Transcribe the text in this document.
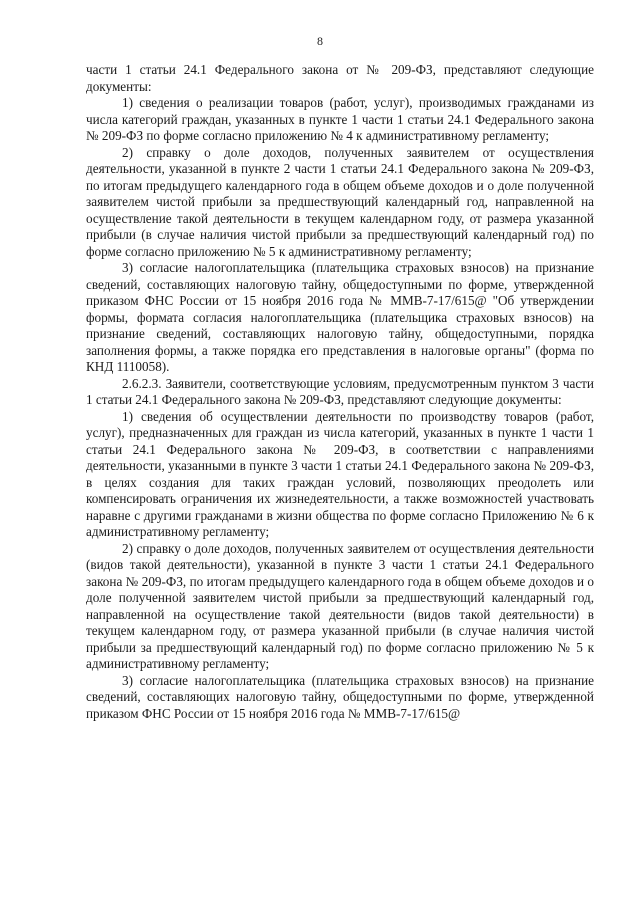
8

части 1 статьи 24.1 Федерального закона от № 209-ФЗ, представляют следующие документы:

1) сведения о реализации товаров (работ, услуг), производимых гражданами из числа категорий граждан, указанных в пункте 1 части 1 статьи 24.1 Федерального закона № 209-ФЗ по форме согласно приложению № 4 к административному регламенту;

2) справку о доле доходов, полученных заявителем от осуществления деятельности, указанной в пункте 2 части 1 статьи 24.1 Федерального закона № 209-ФЗ, по итогам предыдущего календарного года в общем объеме доходов и о доле полученной заявителем чистой прибыли за предшествующий календарный год, направленной на осуществление такой деятельности в текущем календарном году, от размера указанной прибыли (в случае наличия чистой прибыли за предшествующий календарный год) по форме согласно приложению № 5 к административному регламенту;

3) согласие налогоплательщика (плательщика страховых взносов) на признание сведений, составляющих налоговую тайну, общедоступными по форме, утвержденной приказом ФНС России от 15 ноября 2016 года № ММВ-7-17/615@ "Об утверждении формы, формата согласия налогоплательщика (плательщика страховых взносов) на признание сведений, составляющих налоговую тайну, общедоступными, порядка заполнения формы, а также порядка его представления в налоговые органы" (форма по КНД 1110058).

2.6.2.3. Заявители, соответствующие условиям, предусмотренным пунктом 3 части 1 статьи 24.1 Федерального закона № 209-ФЗ, представляют следующие документы:

1) сведения об осуществлении деятельности по производству товаров (работ, услуг), предназначенных для граждан из числа категорий, указанных в пункте 1 части 1 статьи 24.1 Федерального закона № 209-ФЗ, в соответствии с направлениями деятельности, указанными в пункте 3 части 1 статьи 24.1 Федерального закона № 209-ФЗ, в целях создания для таких граждан условий, позволяющих преодолеть или компенсировать ограничения их жизнедеятельности, а также возможностей участвовать наравне с другими гражданами в жизни общества по форме согласно Приложению № 6 к административному регламенту;

2) справку о доле доходов, полученных заявителем от осуществления деятельности (видов такой деятельности), указанной в пункте 3 части 1 статьи 24.1 Федерального закона № 209-ФЗ, по итогам предыдущего календарного года в общем объеме доходов и о доле полученной заявителем чистой прибыли за предшествующий календарный год, направленной на осуществление такой деятельности (видов такой деятельности) в текущем календарном году, от размера указанной прибыли (в случае наличия чистой прибыли за предшествующий календарный год) по форме согласно приложению № 5 к административному регламенту;

3) согласие налогоплательщика (плательщика страховых взносов) на признание сведений, составляющих налоговую тайну, общедоступными по форме, утвержденной приказом ФНС России от 15 ноября 2016 года № ММВ-7-17/615@
